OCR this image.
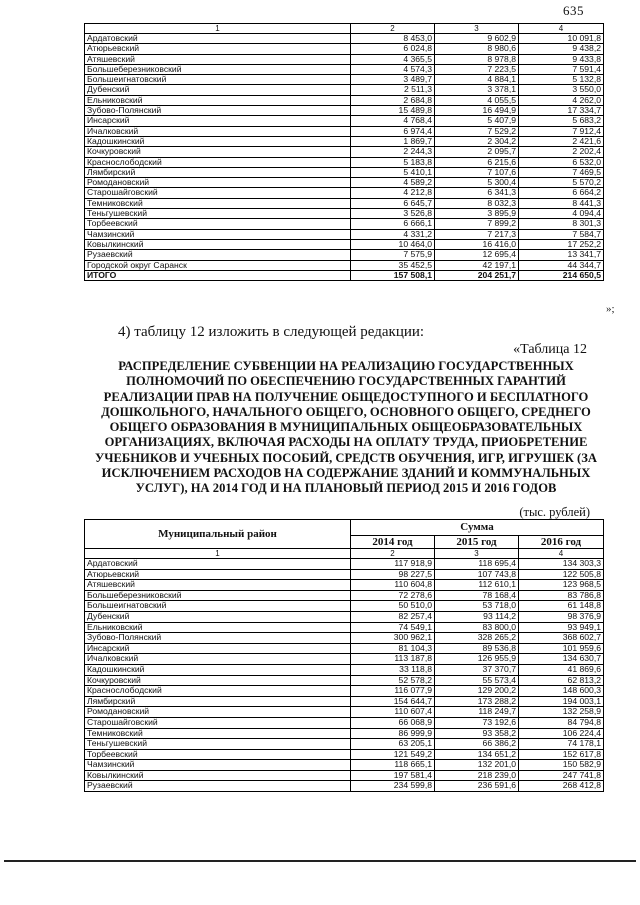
635
1	2	3	4
Ардатовский	8 453,0	9 602,9	10 091,8
Атюрьевский	6 024,8	8 980,6	9 438,2
Атяшевский	4 365,5	8 978,8	9 433,8
Большеберезниковский	4 574,3	7 223,5	7 591,4
Большеигнатовский	3 489,7	4 884,1	5 132,8
Дубенский	2 511,3	3 378,1	3 550,0
Ельниковский	2 684,8	4 055,5	4 262,0
Зубово-Полянский	15 489,8	16 494,9	17 334,7
Инсарский	4 768,4	5 407,9	5 683,2
Ичалковский	6 974,4	7 529,2	7 912,4
Кадошкинский	1 869,7	2 304,2	2 421,6
Кочкуровский	2 244,3	2 095,7	2 202,4
Краснослободский	5 183,8	6 215,6	6 532,0
Лямбирский	5 410,1	7 107,6	7 469,5
Ромодановский	4 589,2	5 300,4	5 570,2
Старошайговский	4 212,8	6 341,3	6 664,2
Темниковский	6 645,7	8 032,3	8 441,3
Теньгушевский	3 526,8	3 895,9	4 094,4
Торбеевский	6 666,1	7 899,2	8 301,3
Чамзинский	4 331,2	7 217,3	7 584,7
Ковылкинский	10 464,0	16 416,0	17 252,2
Рузаевский	7 575,9	12 695,4	13 341,7
Городской округ Саранск	35 452,5	42 197,1	44 344,7
ИТОГО	157 508,1	204 251,7	214 650,5
»;
4) таблицу 12 изложить в следующей редакции:
«Таблица 12
РАСПРЕДЕЛЕНИЕ СУБВЕНЦИИ НА РЕАЛИЗАЦИЮ ГОСУДАРСТВЕННЫХ ПОЛНОМОЧИЙ ПО ОБЕСПЕЧЕНИЮ ГОСУДАРСТВЕННЫХ ГАРАНТИЙ РЕАЛИЗАЦИИ ПРАВ НА ПОЛУЧЕНИЕ ОБЩЕДОСТУПНОГО И БЕСПЛАТНОГО ДОШКОЛЬНОГО, НАЧАЛЬНОГО ОБЩЕГО, ОСНОВНОГО ОБЩЕГО, СРЕДНЕГО ОБЩЕГО ОБРАЗОВАНИЯ В МУНИЦИПАЛЬНЫХ ОБЩЕОБРАЗОВАТЕЛЬНЫХ ОРГАНИЗАЦИЯХ, ВКЛЮЧАЯ РАСХОДЫ НА ОПЛАТУ ТРУДА, ПРИОБРЕТЕНИЕ УЧЕБНИКОВ И УЧЕБНЫХ ПОСОБИЙ, СРЕДСТВ ОБУЧЕНИЯ, ИГР, ИГРУШЕК (ЗА ИСКЛЮЧЕНИЕМ РАСХОДОВ НА СОДЕРЖАНИЕ ЗДАНИЙ И КОММУНАЛЬНЫХ УСЛУГ), НА 2014 ГОД И НА ПЛАНОВЫЙ ПЕРИОД 2015 И 2016 ГОДОВ
(тыс. рублей)
Муниципальный район	Сумма		
	2014 год	2015 год	2016 год
1	2	3	4
Ардатовский	117 918,9	118 695,4	134 303,3
Атюрьевский	98 227,5	107 743,8	122 505,8
Атяшевский	110 604,8	112 610,1	123 968,5
Большеберезниковский	72 278,6	78 168,4	83 786,8
Большеигнатовский	50 510,0	53 718,0	61 148,8
Дубенский	82 257,4	93 114,2	98 376,9
Ельниковский	74 549,1	83 800,0	93 949,1
Зубово-Полянский	300 962,1	328 265,2	368 602,7
Инсарский	81 104,3	89 536,8	101 959,6
Ичалковский	113 187,8	126 955,9	134 630,7
Кадошкинский	33 118,8	37 370,7	41 869,6
Кочкуровский	52 578,2	55 573,4	62 813,2
Краснослободский	116 077,9	129 200,2	148 600,3
Лямбирский	154 644,7	173 288,2	194 003,1
Ромодановский	110 607,4	118 249,7	132 258,9
Старошайговский	66 068,9	73 192,6	84 794,8
Темниковский	86 999,9	93 358,2	106 224,4
Теньгушевский	63 205,1	66 386,2	74 178,1
Торбеевский	121 549,2	134 651,2	152 617,8
Чамзинский	118 665,1	132 201,0	150 582,9
Ковылкинский	197 581,4	218 239,0	247 741,8
Рузаевский	234 599,8	236 591,6	268 412,8
